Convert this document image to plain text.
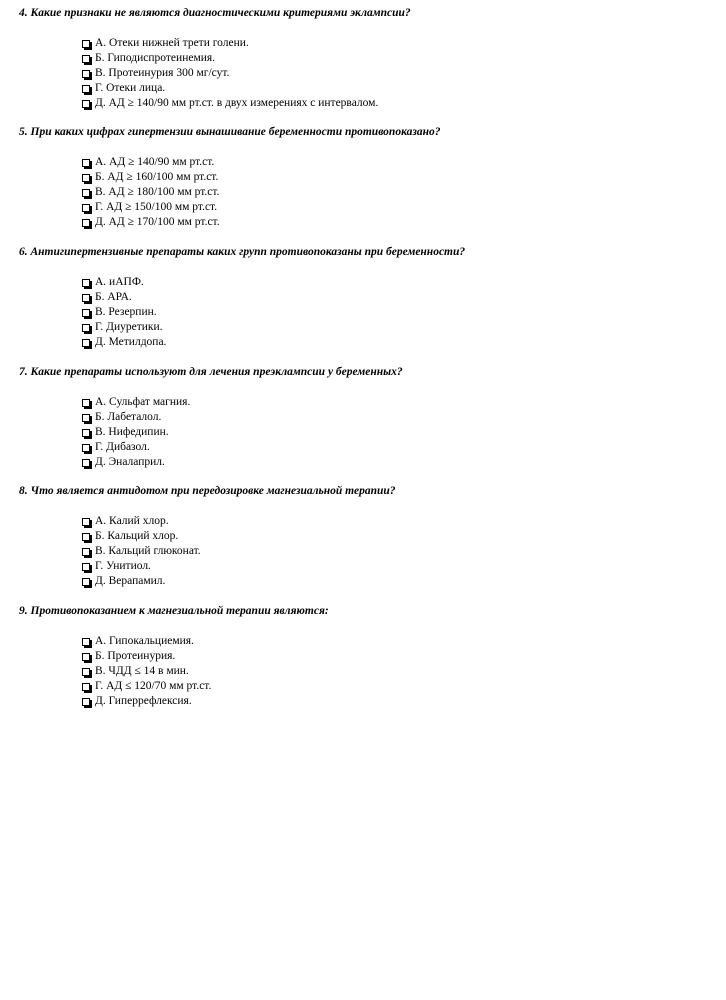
4. Какие признаки не являются диагностическими критериями эклампсии?

А. Отеки нижней трети голени.
Б. Гиподиспротеинемия.
В. Протеинурия 300 мг/сут.
Г. Отеки лица.
Д. АД ≥ 140/90 мм рт.ст. в двух измерениях с интервалом.

5. При каких цифрах гипертензии вынашивание беременности противопоказано?

А. АД ≥ 140/90 мм рт.ст.
Б. АД ≥ 160/100 мм рт.ст.
В. АД ≥ 180/100 мм рт.ст.
Г. АД ≥ 150/100 мм рт.ст.
Д. АД ≥ 170/100 мм рт.ст.

6. Антигипертензивные препараты каких групп противопоказаны при беременности?

А. иАПФ.
Б. АРА.
В. Резерпин.
Г. Диуретики.
Д. Метилдопа.

7. Какие препараты используют для лечения преэклампсии у беременных?

А. Сульфат магния.
Б. Лабеталол.
В. Нифедипин.
Г. Дибазол.
Д. Эналаприл.

8. Что является антидотом при передозировке магнезиальной терапии?

А. Калий хлор.
Б. Кальций хлор.
В. Кальций глюконат.
Г. Унитиол.
Д. Верапамил.

9. Противопоказанием к магнезиальной терапии являются:

А. Гипокальциемия.
Б. Протеинурия.
В. ЧДД ≤ 14 в мин.
Г. АД ≤ 120/70 мм рт.ст.
Д. Гиперрефлексия.
